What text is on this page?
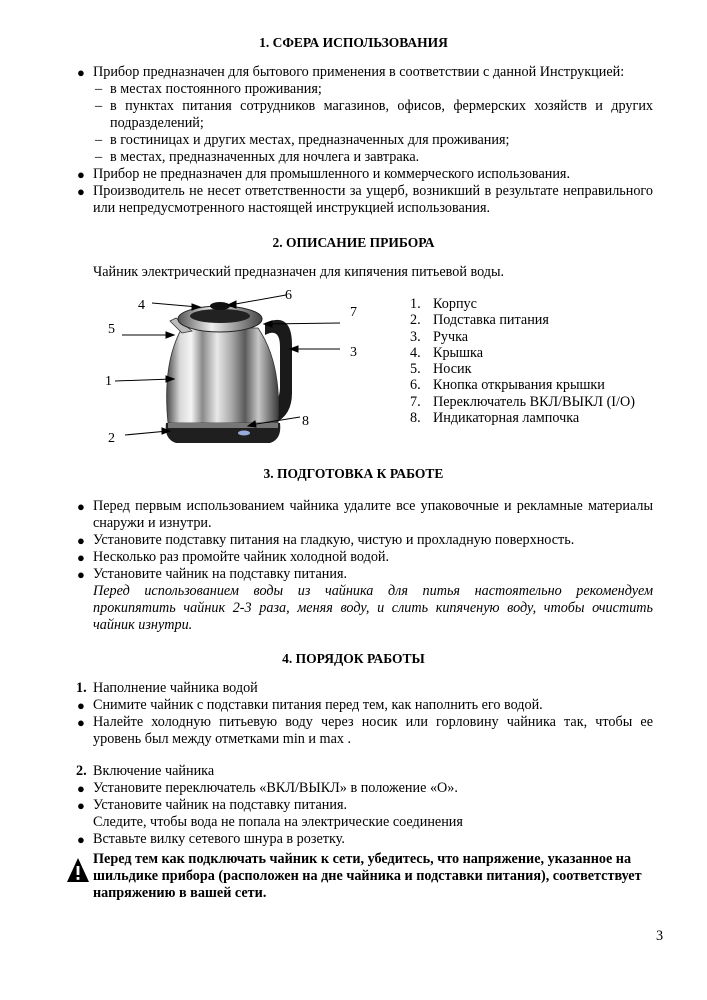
1. СФЕРА ИСПОЛЬЗОВАНИЯ
● Прибор предназначен для бытового применения в соответствии с данной Инструкцией:
– в местах постоянного проживания;
– в пунктах питания сотрудников магазинов, офисов, фермерских хозяйств и других
подразделений;
– в гостиницах и других местах, предназначенных для проживания;
– в местах, предназначенных для ночлега и завтрака.
● Прибор не предназначен для промышленного и коммерческого использования.
● Производитель не несет ответственности за ущерб, возникший в результате неправильного
или непредусмотренного настоящей инструкцией использования.
2. ОПИСАНИЕ ПРИБОРА
Чайник электрический предназначен для кипячения питьевой воды.
4
6
7
5
3
1
8
2
1. Корпус
2. Подставка питания
3. Ручка
4. Крышка
5. Носик
6. Кнопка открывания крышки
7. Переключатель ВКЛ/ВЫКЛ (I/O)
8. Индикаторная лампочка
3. ПОДГОТОВКА К РАБОТЕ
● Перед первым использованием чайника удалите все упаковочные и рекламные материалы
снаружи и изнутри.
● Установите подставку питания на гладкую, чистую и прохладную поверхность.
● Несколько раз промойте чайник холодной водой.
● Установите чайник на подставку питания.
Перед использованием воды из чайника для питья настоятельно рекомендуем
прокипятить чайник 2-3 раза, меняя воду, и слить кипяченую воду, чтобы очистить
чайник изнутри.
4. ПОРЯДОК РАБОТЫ
1. Наполнение чайника водой
● Снимите чайник с подставки питания перед тем, как наполнить его водой.
● Налейте холодную питьевую воду через носик или горловину чайника так, чтобы ее
уровень был между отметками min и max .
2. Включение чайника
● Установите переключатель «ВКЛ/ВЫКЛ» в положение «О».
● Установите чайник на подставку питания.
Следите, чтобы вода не попала на электрические соединения
● Вставьте вилку сетевого шнура в розетку.
Перед тем как подключать чайник к сети, убедитесь, что напряжение, указанное на
шильдике прибора (расположен на дне чайника и подставки питания), соответствует
напряжению в вашей сети.
3
